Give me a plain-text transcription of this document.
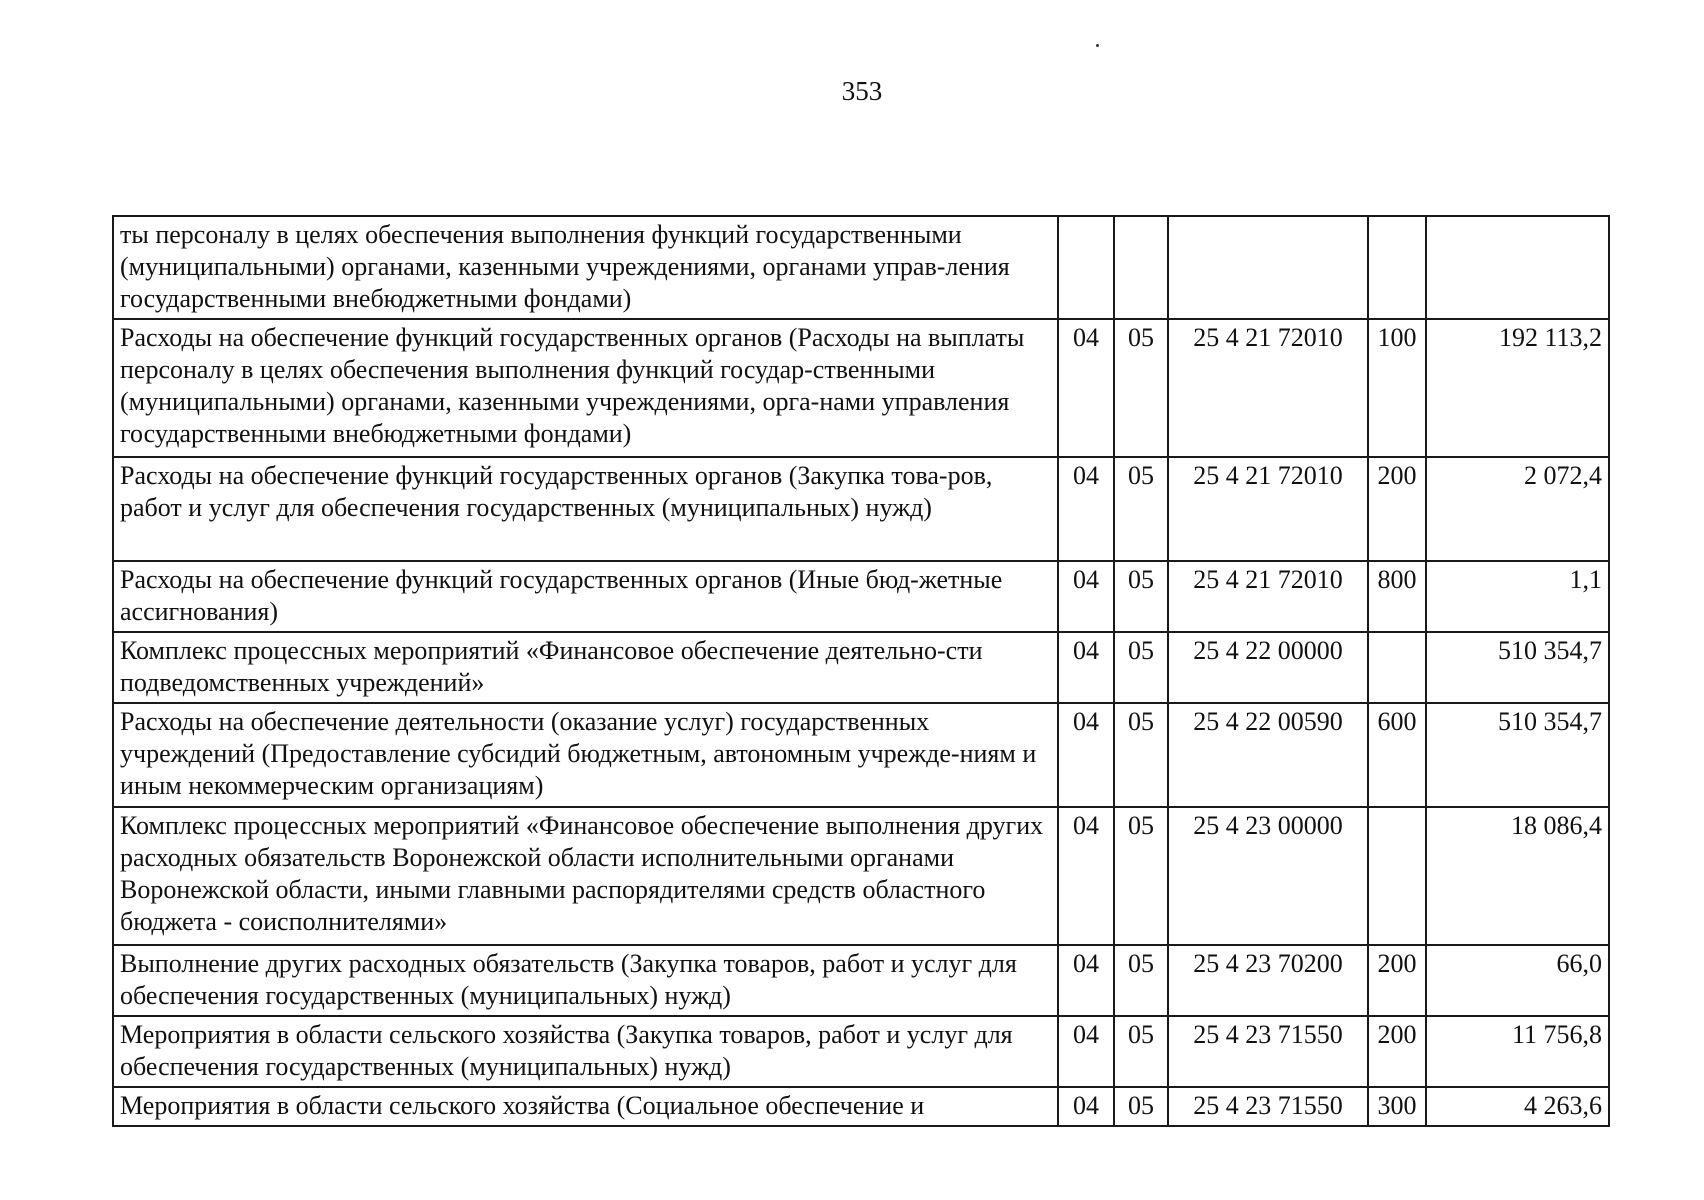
353
ты персоналу в целях обеспечения выполнения функций государственными (муниципальными) органами, казенными учреждениями, органами управ-ления государственными внебюджетными фондами)					
Расходы на обеспечение функций государственных органов (Расходы на выплаты персоналу в целях обеспечения выполнения функций государ-ственными (муниципальными) органами, казенными учреждениями, орга-нами управления государственными внебюджетными фондами)	04	05	25 4 21 72010	100	192 113,2
Расходы на обеспечение функций государственных органов (Закупка това-ров, работ и услуг для обеспечения государственных (муниципальных) нужд)	04	05	25 4 21 72010	200	2 072,4
Расходы на обеспечение функций государственных органов (Иные бюд-жетные ассигнования)	04	05	25 4 21 72010	800	1,1
Комплекс процессных мероприятий «Финансовое обеспечение деятельно-сти подведомственных учреждений»	04	05	25 4 22 00000		510 354,7
Расходы на обеспечение деятельности (оказание услуг) государственных учреждений (Предоставление субсидий бюджетным, автономным учрежде-ниям и иным некоммерческим организациям)	04	05	25 4 22 00590	600	510 354,7
Комплекс процессных мероприятий «Финансовое обеспечение выполнения других расходных обязательств Воронежской области исполнительными органами Воронежской области, иными главными распорядителями средств областного бюджета - соисполнителями»	04	05	25 4 23 00000		18 086,4
Выполнение других расходных обязательств (Закупка товаров, работ и услуг для обеспечения государственных (муниципальных) нужд)	04	05	25 4 23 70200	200	66,0
Мероприятия в области сельского хозяйства (Закупка товаров, работ и услуг для обеспечения государственных (муниципальных) нужд)	04	05	25 4 23 71550	200	11 756,8
Мероприятия в области сельского хозяйства (Социальное обеспечение и	04	05	25 4 23 71550	300	4 263,6
